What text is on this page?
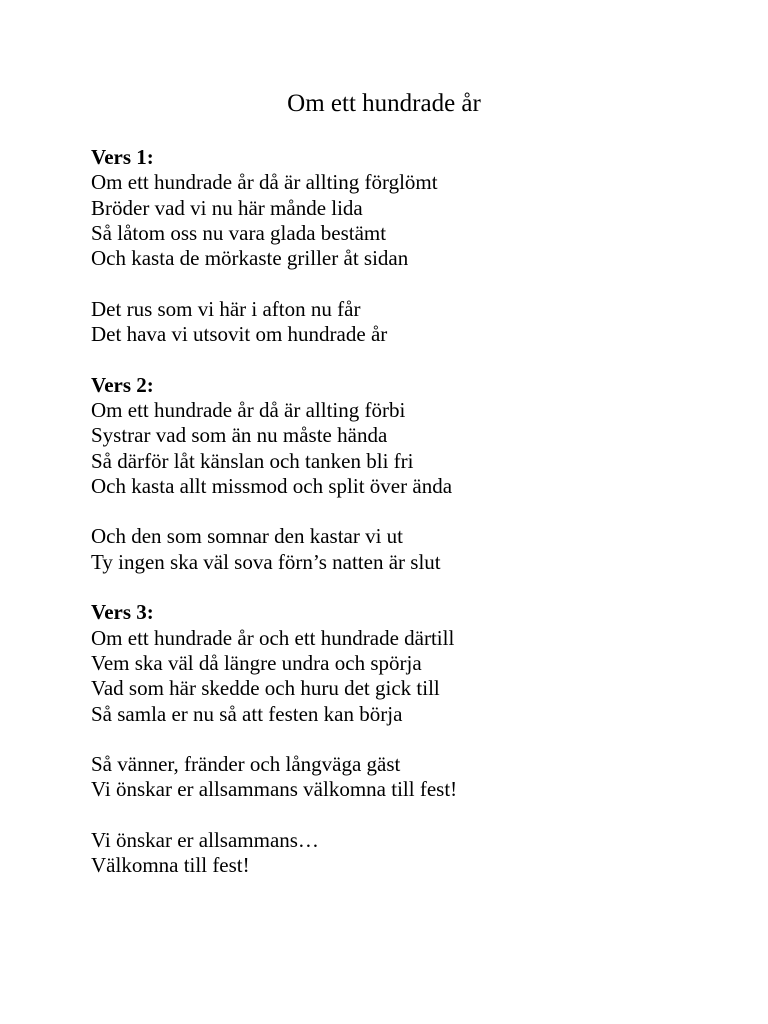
Om ett hundrade år
Vers 1:
Om ett hundrade år då är allting förglömt
Bröder vad vi nu här månde lida
Så låtom oss nu vara glada bestämt
Och kasta de mörkaste griller åt sidan
Det rus som vi här i afton nu får
Det hava vi utsovit om hundrade år
Vers 2:
Om ett hundrade år då är allting förbi
Systrar vad som än nu måste hända
Så därför låt känslan och tanken bli fri
Och kasta allt missmod och split över ända
Och den som somnar den kastar vi ut
Ty ingen ska väl sova förn’s natten är slut
Vers 3:
Om ett hundrade år och ett hundrade därtill
Vem ska väl då längre undra och spörja
Vad som här skedde och huru det gick till
Så samla er nu så att festen kan börja
Så vänner, fränder och långväga gäst
Vi önskar er allsammans välkomna till fest!
Vi önskar er allsammans…
Välkomna till fest!
